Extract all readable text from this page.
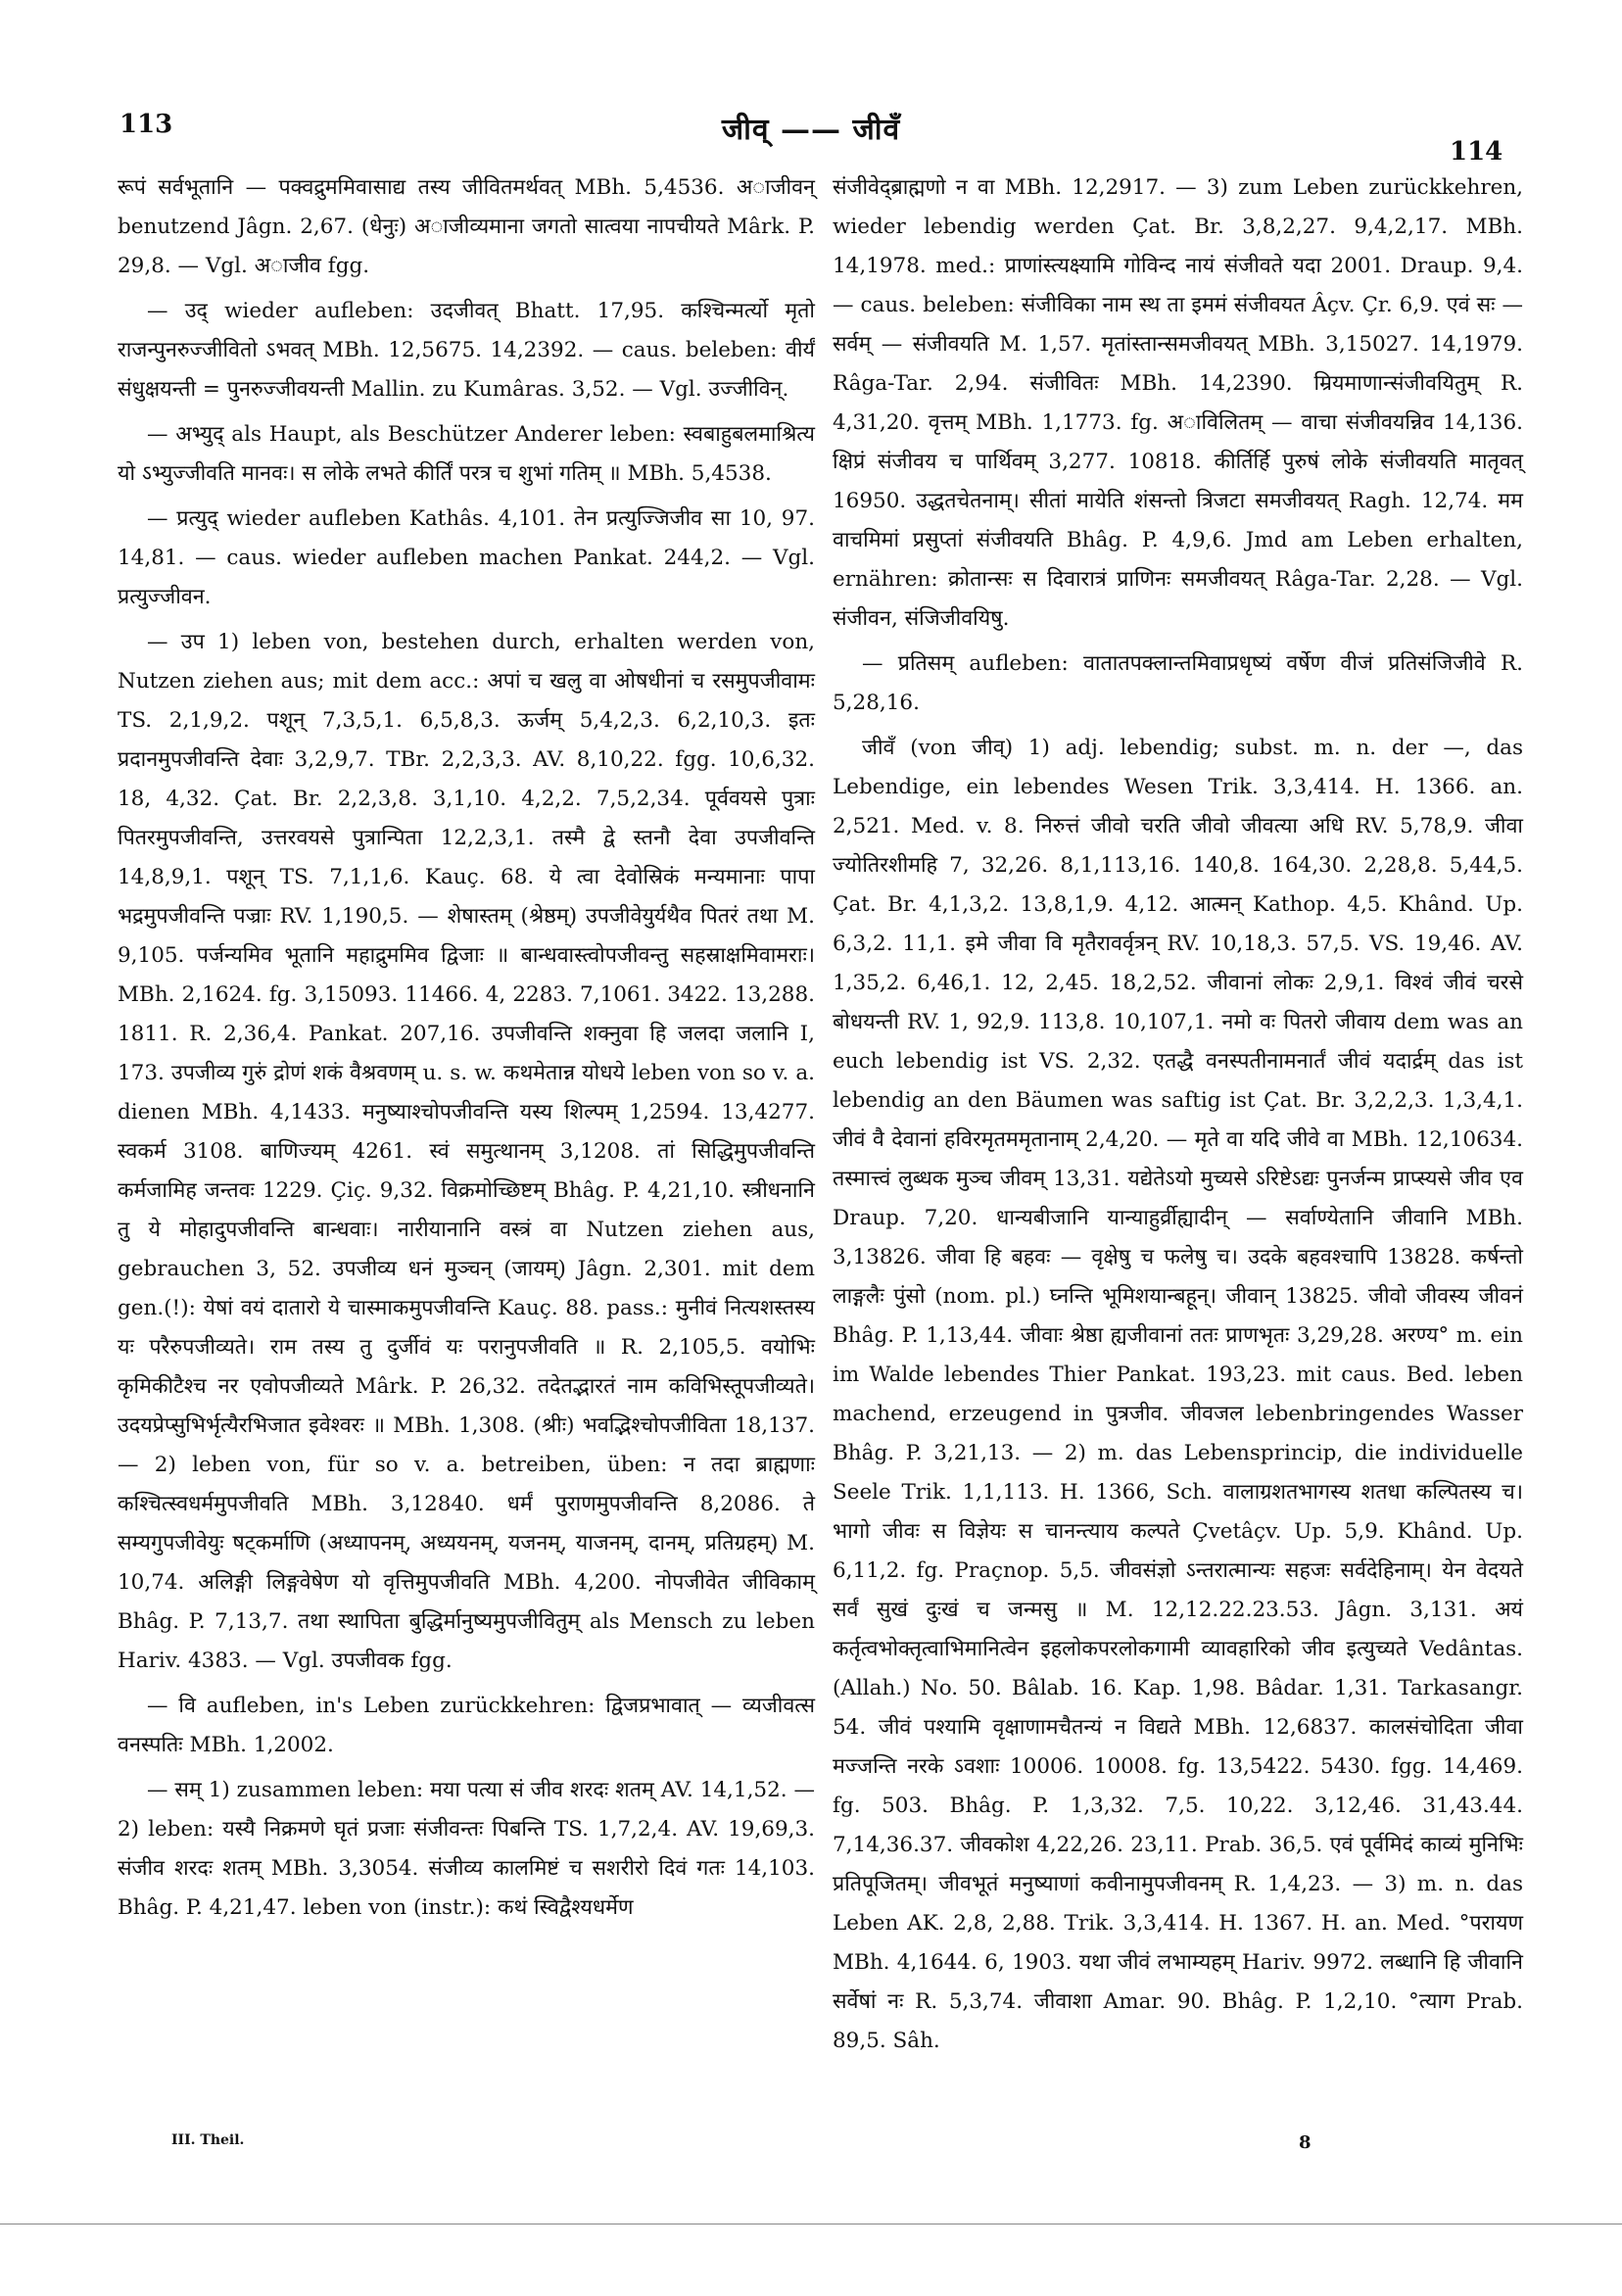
113	जीव् —— जीवँ
114

रूपं सर्वभूतानि — पक्वद्रुममिवासाद्य तस्य जीवितमर्थवत् MBh. 5,4536. अाजीवन् benutzend Jâgn. 2,67. (धेनुः) अाजीव्यमाना जगतो सात्वया नापचीयते Mârk. P. 29,8. — Vgl. अाजीव fgg.

— उद् wieder aufleben: उदजीवत् Bhatt. 17,95. कश्चिन्मर्त्यो मृतो राजन्पुनरुज्जीवितो ऽभवत् MBh. 12,5675. 14,2392. — caus. beleben: वीर्यं संधुक्षयन्ती = पुनरुज्जीवयन्ती Mallin. zu Kumâras. 3,52. — Vgl. उज्जीविन्.

— अभ्युद् als Haupt, als Beschützer Anderer leben: स्वबाहुबलमाश्रित्य यो ऽभ्युज्जीवति मानवः। स लोके लभते कीर्तिं परत्र च शुभां गतिम् ॥ MBh. 5,4538.

— प्रत्युद् wieder aufleben Kathâs. 4,101. तेन प्रत्युज्जिजीव सा 10, 97. 14,81. — caus. wieder aufleben machen Pankat. 244,2. — Vgl. प्रत्युज्जीवन.

— उप 1) leben von, bestehen durch, erhalten werden von, Nutzen ziehen aus; mit dem acc.: अपां च खलु वा ओषधीनां च रसमुपजीवामः TS. 2,1,9,2. पशून् 7,3,5,1. 6,5,8,3. ऊर्जम् 5,4,2,3. 6,2,10,3. इतः प्रदानमुपजीवन्ति देवाः 3,2,9,7. TBr. 2,2,3,3. AV. 8,10,22. fgg. 10,6,32. 18, 4,32. Çat. Br. 2,2,3,8. 3,1,10. 4,2,2. 7,5,2,34. पूर्ववयसे पुत्राः पितरमुपजीवन्ति, उत्तरवयसे पुत्रान्पिता 12,2,3,1. तस्मै द्वे स्तनौ देवा उपजीवन्ति 14,8,9,1. पशून् TS. 7,1,1,6. Kauç. 68. ये त्वा देवोस्रिकं मन्यमानाः पापा भद्रमुपजीवन्ति पज्राः RV. 1,190,5. — शेषास्तम् (श्रेष्ठम्) उपजीवेयुर्यथैव पितरं तथा M. 9,105. पर्जन्यमिव भूतानि महाद्रुममिव द्विजाः ॥ बान्धवास्त्वोपजीवन्तु सहस्राक्षमिवामराः। MBh. 2,1624. fg. 3,15093. 11466. 4, 2283. 7,1061. 3422. 13,288. 1811. R. 2,36,4. Pankat. 207,16. उपजीवन्ति शक्नुवा हि जलदा जलानि I, 173. उपजीव्य गुरुं द्रोणं शकं वैश्रवणम् u. s. w. कथमेतान्न योधये leben von so v. a. dienen MBh. 4,1433. मनुष्याश्चोपजीवन्ति यस्य शिल्पम् 1,2594. 13,4277. स्वकर्म 3108. बाणिज्यम् 4261. स्वं समुत्थानम् 3,1208. तां सिद्धिमुपजीवन्ति कर्मजामिह जन्तवः 1229. Çiç. 9,32. विक्रमोच्छिष्टम् Bhâg. P. 4,21,10. स्त्रीधनानि तु ये मोहादुपजीवन्ति बान्धवाः। नारीयानानि वस्त्रं वा Nutzen ziehen aus, gebrauchen 3, 52. उपजीव्य धनं मुञ्चन् (जायम्) Jâgn. 2,301. mit dem gen.(!): येषां वयं दातारो ये चास्माकमुपजीवन्ति Kauç. 88. pass.: मुनीवं नित्यशस्तस्य यः परैरुपजीव्यते। राम तस्य तु दुर्जीवं यः परानुपजीवति ॥ R. 2,105,5. वयोभिः कृमिकीटैश्च नर एवोपजीव्यते Mârk. P. 26,32. तदेतद्भारतं नाम कविभिस्तूपजीव्यते। उदयप्रेप्सुभिर्भृत्यैरभिजात इवेश्वरः ॥ MBh. 1,308. (श्रीः) भवद्भिश्चोपजीविता 18,137. — 2) leben von, für so v. a. betreiben, üben: न तदा ब्राह्मणाः कश्चित्स्वधर्ममुपजीवति MBh. 3,12840. धर्मं पुराणमुपजीवन्ति 8,2086. ते सम्यगुपजीवेयुः षट्कर्माणि (अध्यापनम्, अध्ययनम्, यजनम्, याजनम्, दानम्, प्रतिग्रहम्) M. 10,74. अलिङ्गी लिङ्गवेषेण यो वृत्तिमुपजीवति MBh. 4,200. नोपजीवेत जीविकाम् Bhâg. P. 7,13,7. तथा स्थापिता बुद्धिर्मानुष्यमुपजीवितुम् als Mensch zu leben Hariv. 4383. — Vgl. उपजीवक fgg.

— वि aufleben, in's Leben zurückkehren: द्विजप्रभावात् — व्यजीवत्स वनस्पतिः MBh. 1,2002.

— सम् 1) zusammen leben: मया पत्या सं जीव शरदः शतम् AV. 14,1,52. — 2) leben: यस्यै निक्रमणे घृतं प्रजाः संजीवन्तः पिबन्ति TS. 1,7,2,4. AV. 19,69,3. संजीव शरदः शतम् MBh. 3,3054. संजीव्य कालमिष्टं च सशरीरो दिवं गतः 14,103. Bhâg. P. 4,21,47. leben von (instr.): कथं स्विद्वैश्यधर्मेण

संजीवेद्ब्राह्मणो न वा MBh. 12,2917. — 3) zum Leben zurückkehren, wieder lebendig werden Çat. Br. 3,8,2,27. 9,4,2,17. MBh. 14,1978. med.: प्राणांस्त्यक्ष्यामि गोविन्द नायं संजीवते यदा 2001. Draup. 9,4. — caus. beleben: संजीविका नाम स्थ ता इममं संजीवयत Âçv. Çr. 6,9. एवं सः — सर्वम् — संजीवयति M. 1,57. मृतांस्तान्समजीवयत् MBh. 3,15027. 14,1979. Râga-Tar. 2,94. संजीवितः MBh. 14,2390. म्रियमाणान्संजीवयितुम् R. 4,31,20. वृत्तम् MBh. 1,1773. fg. अाविलितम् — वाचा संजीवयन्निव 14,136. क्षिप्रं संजीवय च पार्थिवम् 3,277. 10818. कीर्तिर्हि पुरुषं लोके संजीवयति मातृवत् 16950. उद्धतचेतनाम्। सीतां मायेति शंसन्तो त्रिजटा समजीवयत् Ragh. 12,74. मम वाचमिमां प्रसुप्तां संजीवयति Bhâg. P. 4,9,6. Jmd am Leben erhalten, ernähren: क्रोतान्सः स दिवारात्रं प्राणिनः समजीवयत् Râga-Tar. 2,28. — Vgl. संजीवन, संजिजीवयिषु.

— प्रतिसम् aufleben: वातातपक्लान्तमिवाप्रधृष्यं वर्षेण वीजं प्रतिसंजिजीवे R. 5,28,16.

जीवँ (von जीव्) 1) adj. lebendig; subst. m. n. der —, das Lebendige, ein lebendes Wesen Trik. 3,3,414. H. 1366. an. 2,521. Med. v. 8. निरुत्तं जीवो चरति जीवो जीवत्या अधि RV. 5,78,9. जीवा ज्योतिरशीमहि 7, 32,26. 8,1,113,16. 140,8. 164,30. 2,28,8. 5,44,5. Çat. Br. 4,1,3,2. 13,8,1,9. 4,12. आत्मन् Kathop. 4,5. Khând. Up. 6,3,2. 11,1. इमे जीवा वि मृतैरावर्वृत्रन् RV. 10,18,3. 57,5. VS. 19,46. AV. 1,35,2. 6,46,1. 12, 2,45. 18,2,52. जीवानां लोकः 2,9,1. विश्वं जीवं चरसे बोधयन्ती RV. 1, 92,9. 113,8. 10,107,1. नमो वः पितरो जीवाय dem was an euch lebendig ist VS. 2,32. एतद्धै वनस्पतीनामनार्तं जीवं यदार्द्रम् das ist lebendig an den Bäumen was saftig ist Çat. Br. 3,2,2,3. 1,3,4,1. जीवं वै देवानां हविरमृतममृतानाम् 2,4,20. — मृते वा यदि जीवे वा MBh. 12,10634. तस्मात्त्वं लुब्धक मुञ्च जीवम् 13,31. यद्येतेऽयो मुच्यसे ऽरिष्टेऽद्यः पुनर्जन्म प्राप्स्यसे जीव एव Draup. 7,20. धान्यबीजानि यान्याहुर्व्रीह्यादीन् — सर्वाण्येतानि जीवानि MBh. 3,13826. जीवा हि बहवः — वृक्षेषु च फलेषु च। उदके बहवश्चापि 13828. कर्षन्तो लाङ्गलैः पुंसो (nom. pl.) घ्नन्ति भूमिशयान्बहून्। जीवान् 13825. जीवो जीवस्य जीवनं Bhâg. P. 1,13,44. जीवाः श्रेष्ठा ह्यजीवानां ततः प्राणभृतः 3,29,28. अरण्य° m. ein im Walde lebendes Thier Pankat. 193,23. mit caus. Bed. leben machend, erzeugend in पुत्रजीव. जीवजल lebenbringendes Wasser Bhâg. P. 3,21,13. — 2) m. das Lebensprincip, die individuelle Seele Trik. 1,1,113. H. 1366, Sch. वालाग्रशतभागस्य शतधा कल्पितस्य च। भागो जीवः स विज्ञेयः स चानन्त्याय कल्पते Çvetâçv. Up. 5,9. Khând. Up. 6,11,2. fg. Praçnop. 5,5. जीवसंज्ञो ऽन्तरात्मान्यः सहजः सर्वदेहिनाम्। येन वेदयते सर्वं सुखं दुःखं च जन्मसु ॥ M. 12,12.22.23.53. Jâgn. 3,131. अयं कर्तृत्वभोक्तृत्वाभिमानित्वेन इहलोकपरलोकगामी व्यावहारिको जीव इत्युच्यते Vedântas. (Allah.) No. 50. Bâlab. 16. Kap. 1,98. Bâdar. 1,31. Tarkasangr. 54. जीवं पश्यामि वृक्षाणामचैतन्यं न विद्यते MBh. 12,6837. कालसंचोदिता जीवा मज्जन्ति नरके ऽवशाः 10006. 10008. fg. 13,5422. 5430. fgg. 14,469. fg. 503. Bhâg. P. 1,3,32. 7,5. 10,22. 3,12,46. 31,43.44. 7,14,36.37. जीवकोश 4,22,26. 23,11. Prab. 36,5. एवं पूर्वमिदं काव्यं मुनिभिः प्रतिपूजितम्। जीवभूतं मनुष्याणां कवीनामुपजीवनम् R. 1,4,23. — 3) m. n. das Leben AK. 2,8, 2,88. Trik. 3,3,414. H. 1367. H. an. Med. °परायण MBh. 4,1644. 6, 1903. यथा जीवं लभाम्यहम् Hariv. 9972. लब्धानि हि जीवानि सर्वेषां नः R. 5,3,74. जीवाशा Amar. 90. Bhâg. P. 1,2,10. °त्याग Prab. 89,5. Sâh.

III. Theil.	8
